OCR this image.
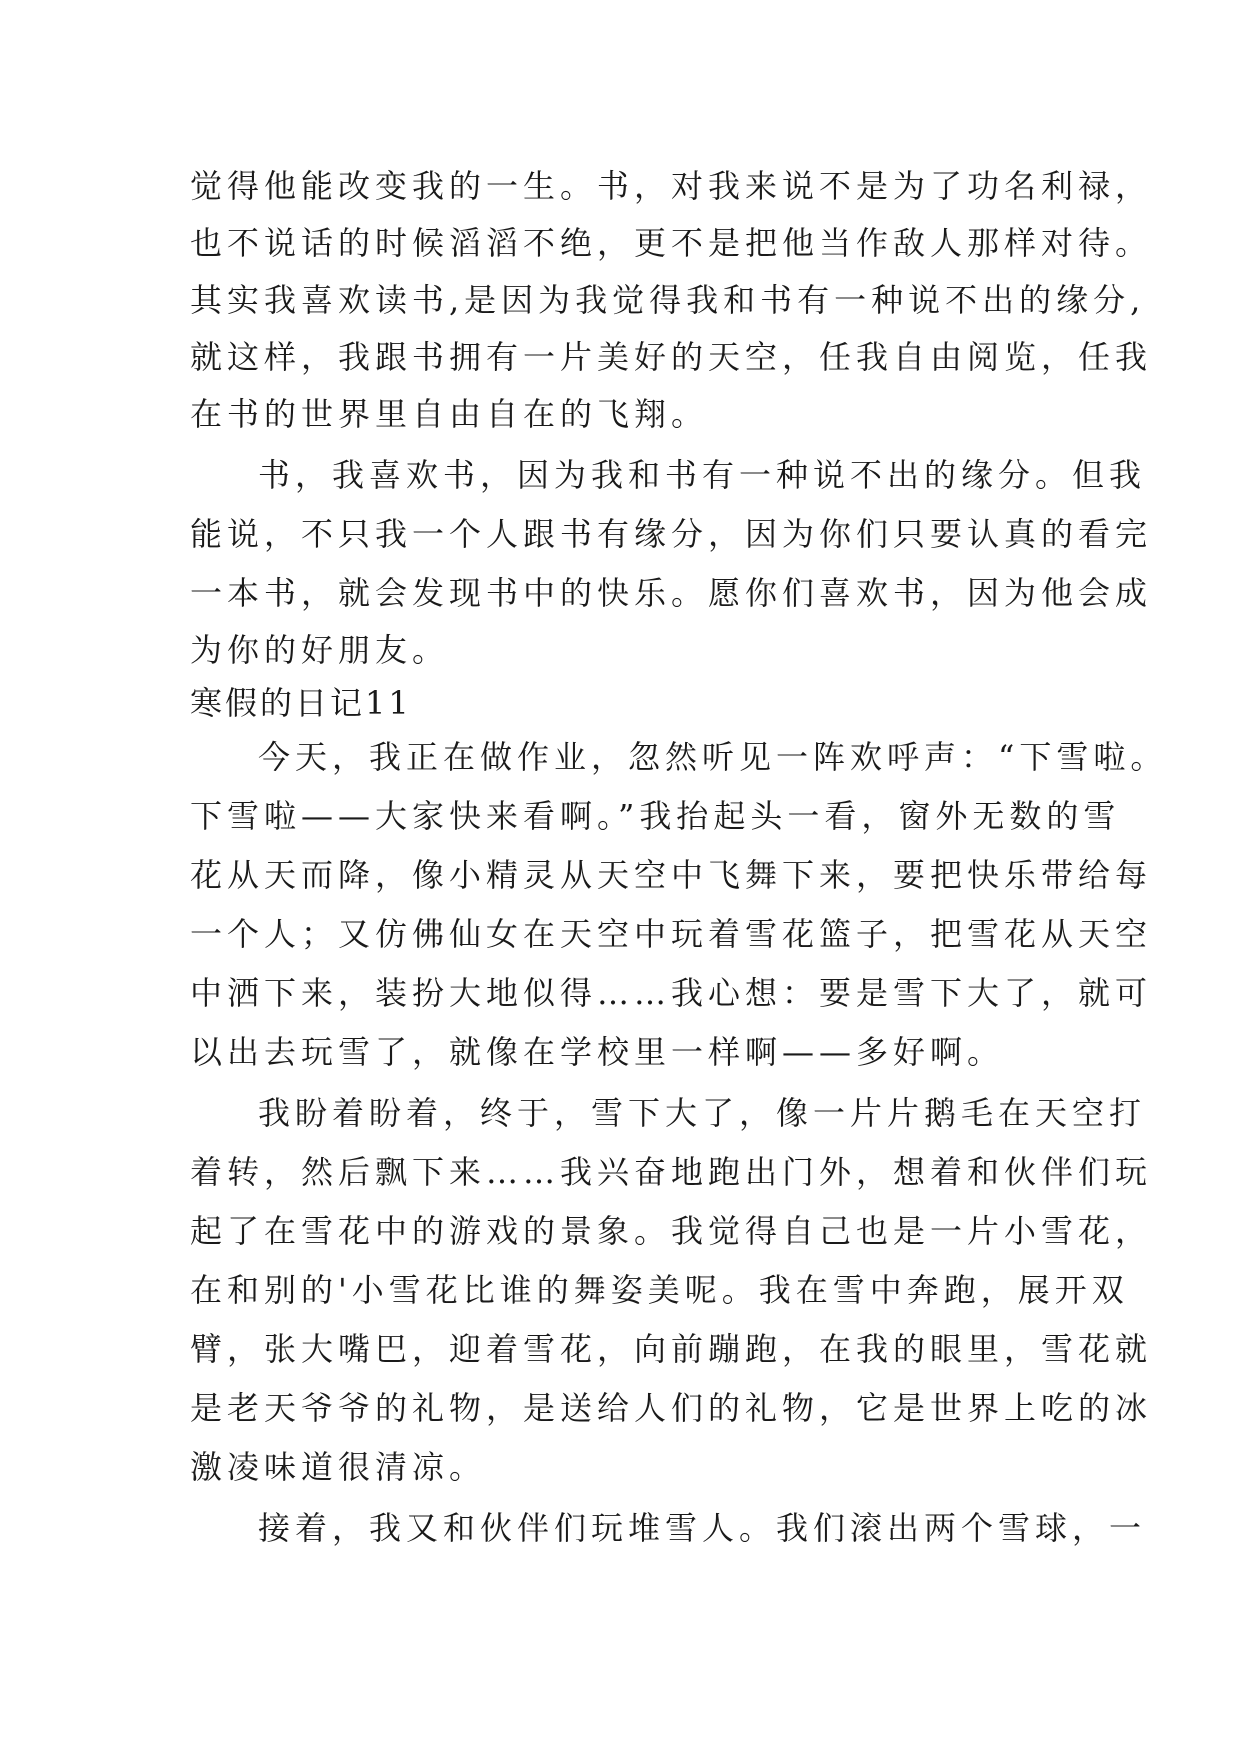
觉得他能改变我的一生。书，对我来说不是为了功名利禄，
也不说话的时候滔滔不绝，更不是把他当作敌人那样对待。
其实我喜欢读书,是因为我觉得我和书有一种说不出的缘分,
就这样，我跟书拥有一片美好的天空，任我自由阅览，任我
在书的世界里自由自在的飞翔。
书，我喜欢书，因为我和书有一种说不出的缘分。但我
能说，不只我一个人跟书有缘分，因为你们只要认真的看完
一本书，就会发现书中的快乐。愿你们喜欢书，因为他会成
为你的好朋友。
寒假的日记11
今天，我正在做作业，忽然听见一阵欢呼声：“下雪啦。
下雪啦——大家快来看啊。”我抬起头一看，窗外无数的雪
花从天而降，像小精灵从天空中飞舞下来，要把快乐带给每
一个人；又仿佛仙女在天空中玩着雪花篮子，把雪花从天空
中洒下来，装扮大地似得……我心想：要是雪下大了，就可
以出去玩雪了，就像在学校里一样啊——多好啊。
我盼着盼着，终于，雪下大了，像一片片鹅毛在天空打
着转，然后飘下来……我兴奋地跑出门外，想着和伙伴们玩
起了在雪花中的游戏的景象。我觉得自己也是一片小雪花，
在和别的'小雪花比谁的舞姿美呢。我在雪中奔跑，展开双
臂，张大嘴巴，迎着雪花，向前蹦跑，在我的眼里，雪花就
是老天爷爷的礼物，是送给人们的礼物，它是世界上吃的冰
激凌味道很清凉。
接着，我又和伙伴们玩堆雪人。我们滚出两个雪球，一
